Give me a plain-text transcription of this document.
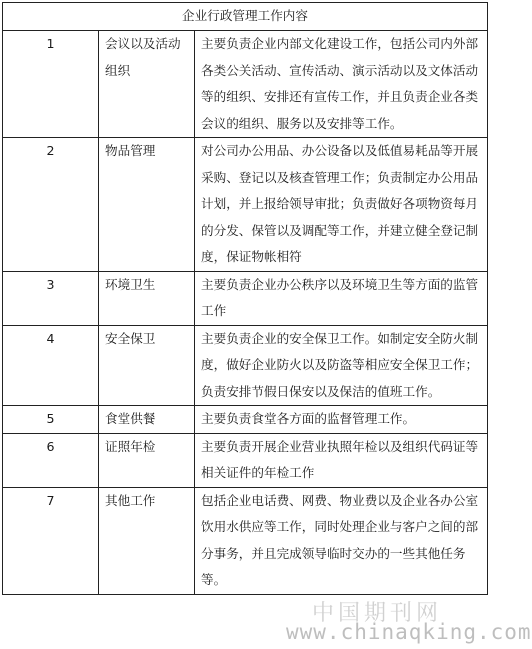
企业行政管理工作内容		
1	会议以及活动组织	主要负责企业内部文化建设工作，包括公司内外部各类公关活动、宣传活动、演示活动以及文体活动等的组织、安排还有宣传工作，并且负责企业各类会议的组织、服务以及安排等工作。
2	物品管理	对公司办公用品、办公设备以及低值易耗品等开展采购、登记以及核查管理工作；负责制定办公用品计划，并上报给领导审批；负责做好各项物资每月的分发、保管以及调配等工作，并建立健全登记制度，保证物帐相符
3	环境卫生	主要负责企业办公秩序以及环境卫生等方面的监管工作
4	安全保卫	主要负责企业的安全保卫工作。如制定安全防火制度，做好企业防火以及防盗等相应安全保卫工作；负责安排节假日保安以及保洁的值班工作。
5	食堂供餐	主要负责食堂各方面的监督管理工作。
6	证照年检	主要负责开展企业营业执照年检以及组织代码证等相关证件的年检工作
7	其他工作	包括企业电话费、网费、物业费以及企业各办公室饮用水供应等工作，同时处理企业与客户之间的部分事务，并且完成领导临时交办的一些其他任务等。
中国期刊网
www.chinaqking.com
